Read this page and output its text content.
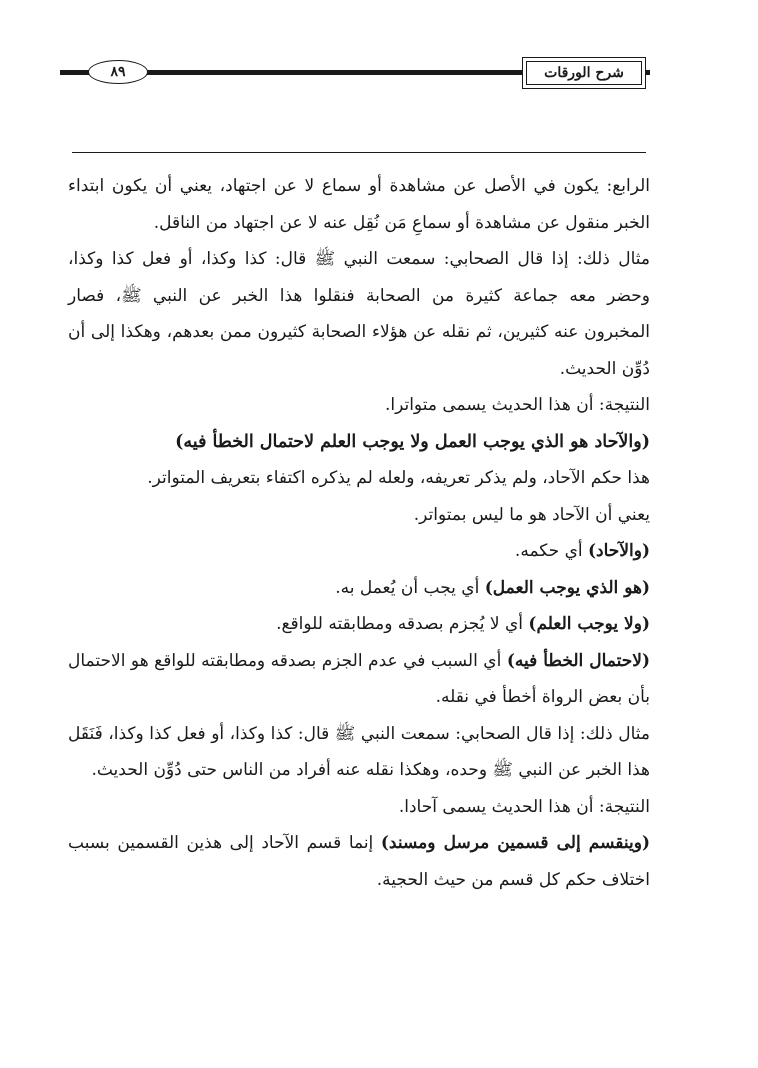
٨٩	شرح الورقات

الرابع: يكون في الأصل عن مشاهدة أو سماع لا عن اجتهاد، يعني أن يكون ابتداء الخبر منقول عن مشاهدة أو سماعِ مَن نُقِل عنه لا عن اجتهاد من الناقل.

مثال ذلك: إذا قال الصحابي: سمعت النبي ﷺ قال: كذا وكذا، أو فعل كذا وكذا، وحضر معه جماعة كثيرة من الصحابة فنقلوا هذا الخبر عن النبي ﷺ، فصار المخبرون عنه كثيرين، ثم نقله عن هؤلاء الصحابة كثيرون ممن بعدهم، وهكذا إلى أن دُوِّن الحديث.

النتيجة: أن هذا الحديث يسمى متواترا.

(والآحاد هو الذي يوجب العمل ولا يوجب العلم لاحتمال الخطأ فيه)

هذا حكم الآحاد، ولم يذكر تعريفه، ولعله لم يذكره اكتفاء بتعريف المتواتر.

يعني أن الآحاد هو ما ليس بمتواتر.

(والآحاد) أي حكمه.

(هو الذي يوجب العمل) أي يجب أن يُعمل به.

(ولا يوجب العلم) أي لا يُجزم بصدقه ومطابقته للواقع.

(لاحتمال الخطأ فيه) أي السبب في عدم الجزم بصدقه ومطابقته للواقع هو الاحتمال بأن بعض الرواة أخطأ في نقله.

مثال ذلك: إذا قال الصحابي: سمعت النبي ﷺ قال: كذا وكذا، أو فعل كذا وكذا، فَنَقَل هذا الخبر عن النبي ﷺ وحده، وهكذا نقله عنه أفراد من الناس حتى دُوِّن الحديث.

النتيجة: أن هذا الحديث يسمى آحادا.

(وينقسم إلى قسمين مرسل ومسند) إنما قسم الآحاد إلى هذين القسمين بسبب اختلاف حكم كل قسم من حيث الحجية.
